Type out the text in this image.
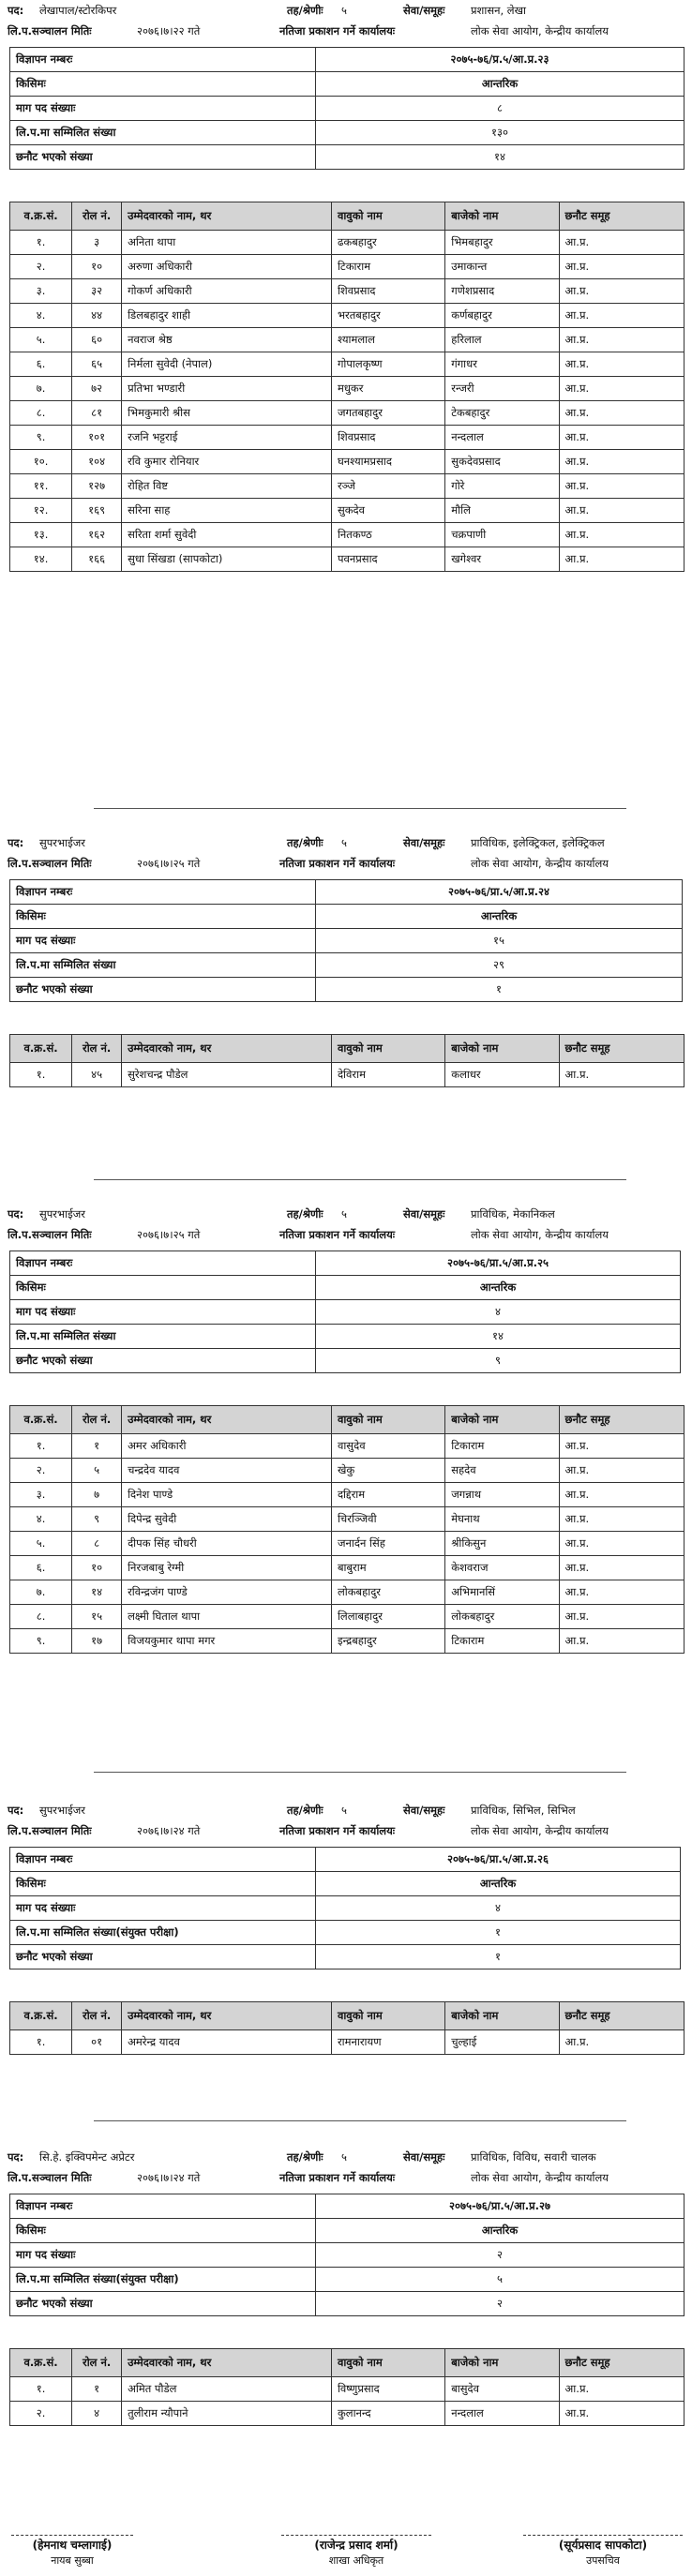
पद: लेखापाल/स्टोरकिपर	तह/श्रेणीः ५	सेवा/समूहः प्रशासन, लेखा
लि.प.सञ्चालन मितिः	२०७६।७।२२ गते	नतिजा प्रकाशन गर्ने कार्यालयः	लोक सेवा आयोग, केन्द्रीय कार्यालय
विज्ञापन नम्बरः	२०७५-७६/प्र.५/आ.प्र.२३
किसिमः	आन्तरिक
माग पद संख्याः	८
लि.प.मा सम्मिलित संख्या	१३०
छनौट भएको संख्या	१४
व.क्र.सं.	रोल नं.	उम्मेदवारको नाम, थर	वावुको नाम	बाजेको नाम	छनौट समूह
१.	३	अनिता थापा	ढकबहादुर	भिमबहादुर	आ.प्र.
२.	१०	अरुणा अधिकारी	टिकाराम	उमाकान्त	आ.प्र.
३.	३२	गोकर्ण अधिकारी	शिवप्रसाद	गणेशप्रसाद	आ.प्र.
४.	४४	डिलबहादुर शाही	भरतबहादुर	कर्णबहादुर	आ.प्र.
५.	६०	नवराज श्रेष्ठ	श्यामलाल	हरिलाल	आ.प्र.
६.	६५	निर्मला सुवेदी (नेपाल)	गोपालकृष्ण	गंगाधर	आ.प्र.
७.	७२	प्रतिभा भण्डारी	मधुकर	रन्जरी	आ.प्र.
८.	८१	भिमकुमारी श्रीस	जगतबहादुर	टेकबहादुर	आ.प्र.
९.	१०१	रजनि भट्टराई	शिवप्रसाद	नन्दलाल	आ.प्र.
१०.	१०४	रवि कुमार रोनियार	घनश्यामप्रसाद	सुकदेवप्रसाद	आ.प्र.
११.	१२७	रोहित विष्ट	रञ्जे	गोरे	आ.प्र.
१२.	१६९	सरिना साह	सुकदेव	मौलि	आ.प्र.
१३.	१६२	सरिता शर्मा सुवेदी	नितकण्ठ	चक्रपाणी	आ.प्र.
१४.	१६६	सुधा सिंखडा (सापकोटा)	पवनप्रसाद	खगेश्वर	आ.प्र.
पद: सुपरभाईजर	तह/श्रेणीः ५	सेवा/समूहः प्राविधिक, इलेक्ट्रिकल, इलेक्ट्रिकल
लि.प.सञ्चालन मितिः	२०७६।७।२५ गते	नतिजा प्रकाशन गर्ने कार्यालयः	लोक सेवा आयोग, केन्द्रीय कार्यालय
विज्ञापन नम्बरः	२०७५-७६/प्रा.५/आ.प्र.२४
किसिमः	आन्तरिक
माग पद संख्याः	१५
लि.प.मा सम्मिलित संख्या	२९
छनौट भएको संख्या	१
व.क्र.सं.	रोल नं.	उम्मेदवारको नाम, थर	वावुको नाम	बाजेको नाम	छनौट समूह
१.	४५	सुरेशचन्द्र पौडेल	देविराम	कलाधर	आ.प्र.
पद: सुपरभाईजर	तह/श्रेणीः ५	सेवा/समूहः प्राविधिक, मेकानिकल
लि.प.सञ्चालन मितिः	२०७६।७।२५ गते	नतिजा प्रकाशन गर्ने कार्यालयः	लोक सेवा आयोग, केन्द्रीय कार्यालय
विज्ञापन नम्बरः	२०७५-७६/प्रा.५/आ.प्र.२५
किसिमः	आन्तरिक
माग पद संख्याः	४
लि.प.मा सम्मिलित संख्या	१४
छनौट भएको संख्या	९
व.क्र.सं.	रोल नं.	उम्मेदवारको नाम, थर	वावुको नाम	बाजेको नाम	छनौट समूह
१.	१	अमर अधिकारी	वासुदेव	टिकाराम	आ.प्र.
२.	५	चन्द्रदेव यादव	खेकु	सहदेव	आ.प्र.
३.	७	दिनेश पाण्डे	दद्दिराम	जगन्नाथ	आ.प्र.
४.	९	दिपेन्द्र सुवेदी	चिरञ्जिवी	मेघनाथ	आ.प्र.
५.	८	दीपक सिंह चौधरी	जनार्दन सिंह	श्रीकिसुन	आ.प्र.
६.	१०	निरजबाबु रेग्मी	बाबुराम	केशवराज	आ.प्र.
७.	१४	रविन्द्रजंग पाण्डे	लोकबहादुर	अभिमानसिं	आ.प्र.
८.	१५	लक्ष्मी घिताल थापा	लिलाबहादुर	लोकबहादुर	आ.प्र.
९.	१७	विजयकुमार थापा मगर	इन्द्रबहादुर	टिकाराम	आ.प्र.
पद: सुपरभाईजर	तह/श्रेणीः ५	सेवा/समूहः प्राविधिक, सिभिल, सिभिल
लि.प.सञ्चालन मितिः	२०७६।७।२४ गते	नतिजा प्रकाशन गर्ने कार्यालयः	लोक सेवा आयोग, केन्द्रीय कार्यालय
विज्ञापन नम्बरः	२०७५-७६/प्रा.५/आ.प्र.२६
किसिमः	आन्तरिक
माग पद संख्याः	४
लि.प.मा सम्मिलित संख्या(संयुक्त परीक्षा)	१
छनौट भएको संख्या	१
व.क्र.सं.	रोल नं.	उम्मेदवारको नाम, थर	वावुको नाम	बाजेको नाम	छनौट समूह
१.	०१	अमरेन्द्र यादव	रामनारायण	चुल्हाई	आ.प्र.
पद: सि.हे. इक्विपमेन्ट अप्रेटर	तह/श्रेणीः ५	सेवा/समूहः प्राविधिक, विविध, सवारी चालक
लि.प.सञ्चालन मितिः	२०७६।७।२४ गते	नतिजा प्रकाशन गर्ने कार्यालयः	लोक सेवा आयोग, केन्द्रीय कार्यालय
विज्ञापन नम्बरः	२०७५-७६/प्रा.५/आ.प्र.२७
किसिमः	आन्तरिक
माग पद संख्याः	२
लि.प.मा सम्मिलित संख्या(संयुक्त परीक्षा)	५
छनौट भएको संख्या	२
व.क्र.सं.	रोल नं.	उम्मेदवारको नाम, थर	वावुको नाम	बाजेको नाम	छनौट समूह
१.	१	अमित पौडेल	विष्णुप्रसाद	बासुदेव	आ.प्र.
२.	४	तुलीराम न्यौपाने	कुलानन्द	नन्दलाल	आ.प्र.
(हेमनाथ चम्लागाई)
नायब सुब्बा
(राजेन्द्र प्रसाद शर्मा)
शाखा अधिकृत
(सूर्यप्रसाद सापकोटा)
उपसचिव
